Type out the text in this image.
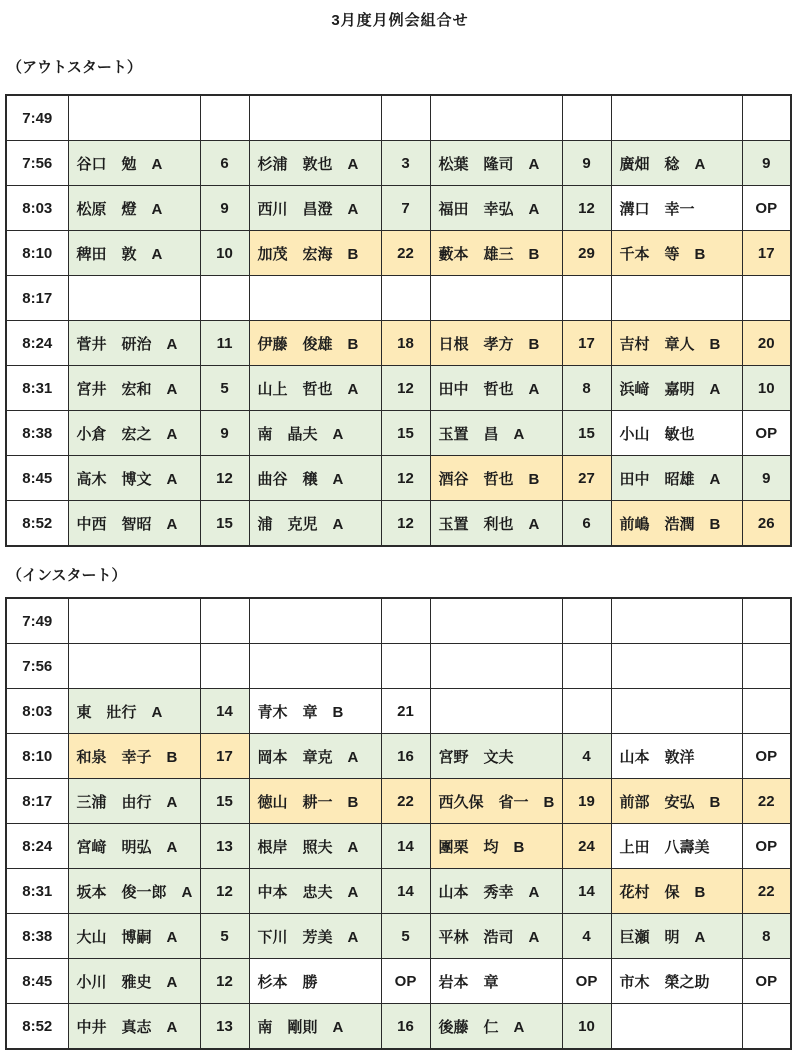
3月度月例会組合せ
（アウトスタート）
7:49								
7:56	谷口　勉　A	6	杉浦　敦也　A	3	松葉　隆司　A	9	廣畑　稔　A	9
8:03	松原　燈　A	9	西川　昌澄　A	7	福田　幸弘　A	12	溝口　幸一	OP
8:10	稗田　敦　A	10	加茂　宏海　B	22	藪本　雄三　B	29	千本　等　B	17
8:17								
8:24	菅井　研治　A	11	伊藤　俊雄　B	18	日根　孝方　B	17	吉村　章人　B	20
8:31	宮井　宏和　A	5	山上　哲也　A	12	田中　哲也　A	8	浜﨑　嘉明　A	10
8:38	小倉　宏之　A	9	南　晶夫　A	15	玉置　昌　A	15	小山　敏也	OP
8:45	高木　博文　A	12	曲谷　穣　A	12	酒谷　哲也　B	27	田中　昭雄　A	9
8:52	中西　智昭　A	15	浦　克児　A	12	玉置　利也　A	6	前嶋　浩潤　B	26
（インスタート）
7:49								
7:56								
8:03	東　壯行　A	14	青木　章　B	21				
8:10	和泉　幸子　B	17	岡本　章克　A	16	宮野　文夫	4	山本　敦洋	OP
8:17	三浦　由行　A	15	徳山　耕一　B	22	西久保　省一　B	19	前部　安弘　B	22
8:24	宮﨑　明弘　A	13	根岸　照夫　A	14	團栗　均　B	24	上田　八壽美	OP
8:31	坂本　俊一郎　A	12	中本　忠夫　A	14	山本　秀幸　A	14	花村　保　B	22
8:38	大山　博嗣　A	5	下川　芳美　A	5	平林　浩司　A	4	巨瀬　明　A	8
8:45	小川　雅史　A	12	杉本　勝	OP	岩本　章	OP	市木　榮之助	OP
8:52	中井　真志　A	13	南　剛則　A	16	後藤　仁　A	10		
